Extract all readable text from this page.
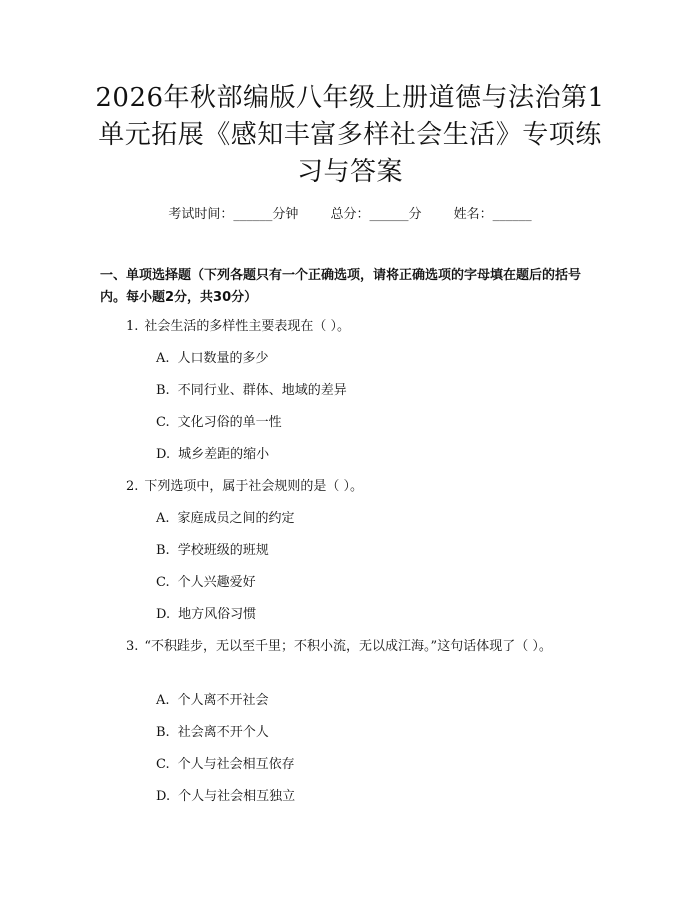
2026年秋部编版八年级上册道德与法治第1
单元拓展《感知丰富多样社会生活》专项练
习与答案
考试时间：______分钟 总分：______分 姓名：______
一、单项选择题（下列各题只有一个正确选项，请将正确选项的字母填在题后的括号内。每小题2分，共30分）
1. 社会生活的多样性主要表现在（ ）。
A. 人口数量的多少
B. 不同行业、群体、地域的差异
C. 文化习俗的单一性
D. 城乡差距的缩小
2. 下列选项中，属于社会规则的是（ ）。
A. 家庭成员之间的约定
B. 学校班级的班规
C. 个人兴趣爱好
D. 地方风俗习惯
3. “不积跬步，无以至千里；不积小流，无以成江海。”这句话体现了（ ）。
A. 个人离不开社会
B. 社会离不开个人
C. 个人与社会相互依存
D. 个人与社会相互独立
